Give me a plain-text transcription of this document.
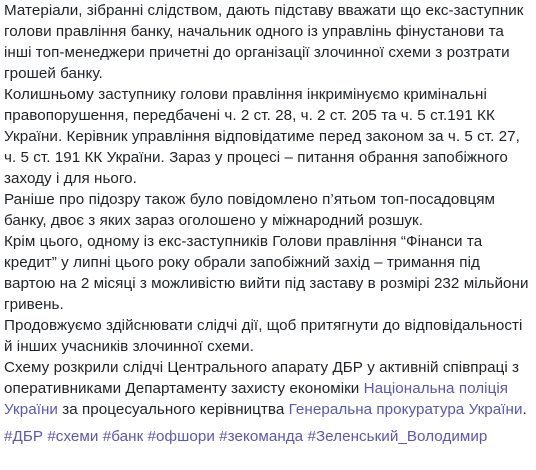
Матеріали, зібранні слідством, дають підставу вважати що екс-заступник голови правління банку, начальник одного із управлінь фінустанови та інші топ-менеджери причетні до організації злочинної схеми з розтрати грошей банку.

Колишньому заступнику голови правління інкримінуємо кримінальні правопорушення, передбачені ч. 2 ст. 28, ч. 2 ст. 205 та ч. 5 ст.191 КК України. Керівник управління відповідатиме перед законом за ч. 5 ст. 27, ч. 5 ст. 191 КК України. Зараз у процесі – питання обрання запобіжного заходу і для нього.

Раніше про підозру також було повідомлено п’ятьом топ-посадовцям банку, двоє з яких зараз оголошено у міжнародний розшук.

Крім цього, одному із екс-заступників Голови правління “Фінанси та кредит” у липні цього року обрали запобіжний захід – тримання під вартою на 2 місяці з можливістю вийти під заставу в розмірі 232 мільйони гривень.

Продовжуємо здійснювати слідчі дії, щоб притягнути до відповідальності й інших учасників злочинної схеми.

Схему розкрили слідчі Центрального апарату ДБР у активній співпраці з оперативниками Департаменту захисту економіки Національна поліція України за процесуального керівництва Генеральна прокуратура України.

#ДБР #схеми #банк #офшори #зекоманда #Зеленський_Володимир
